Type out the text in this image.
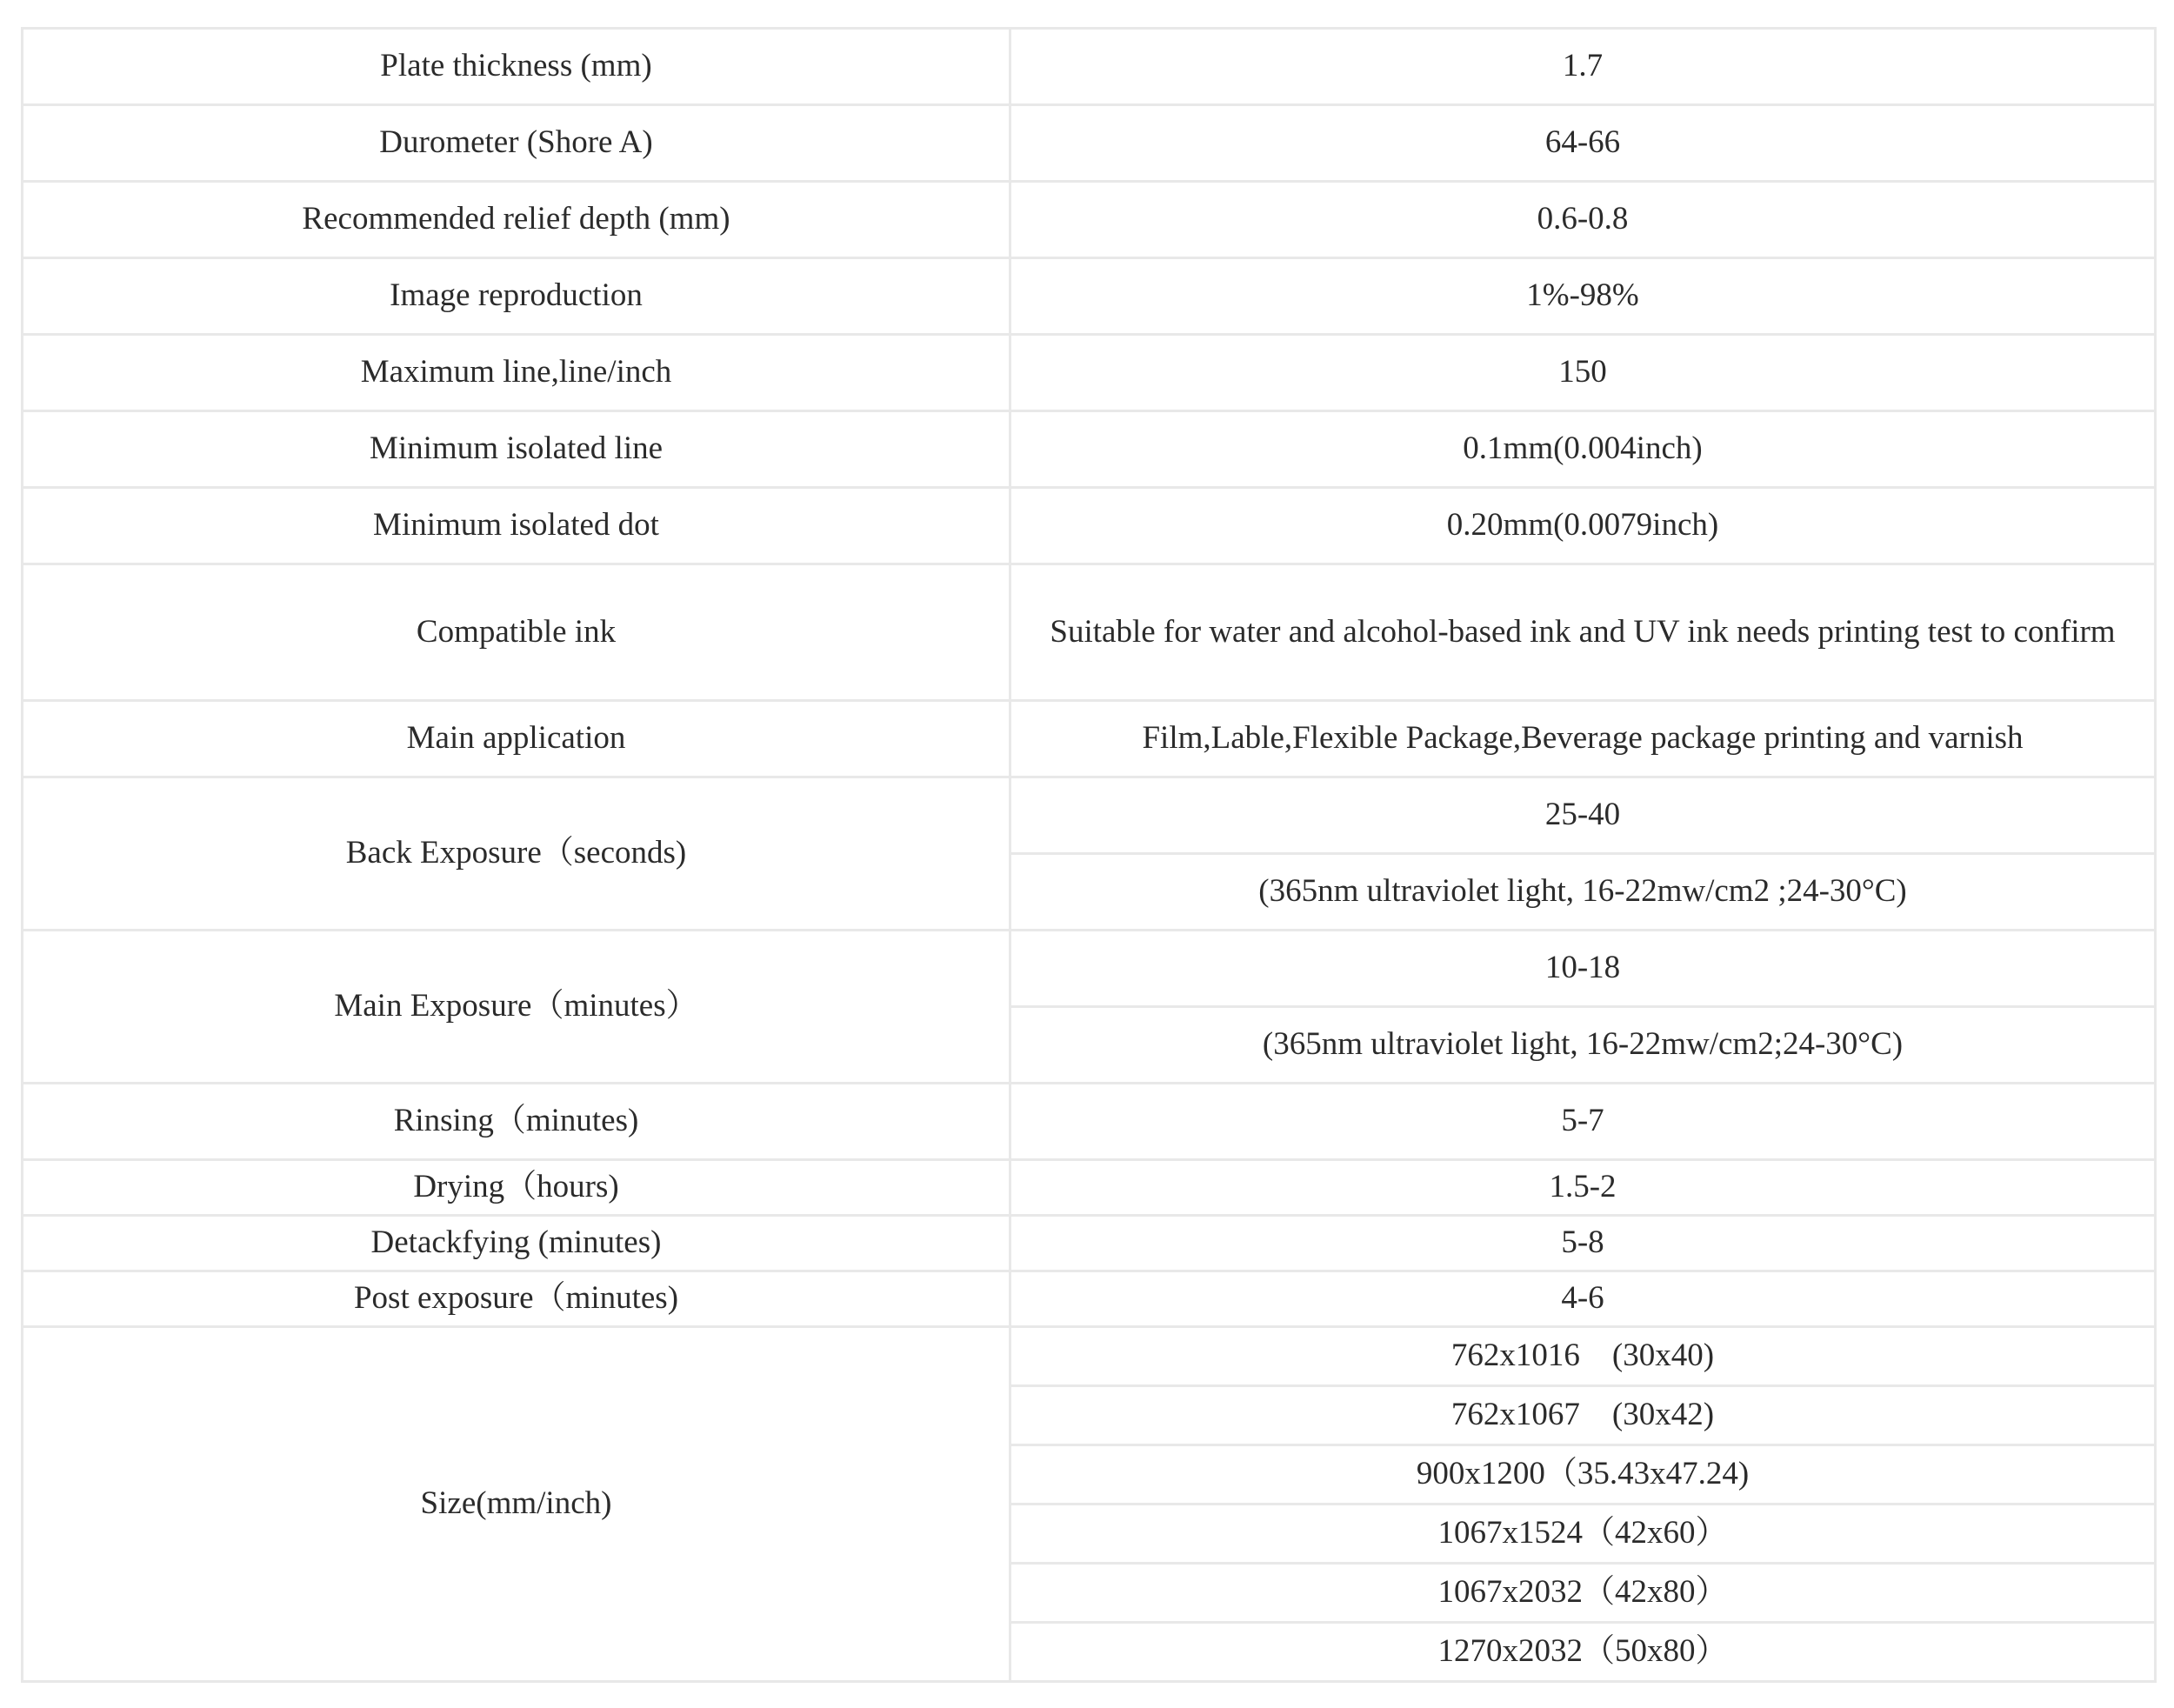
Plate thickness (mm)	1.7
Durometer (Shore A)	64-66
Recommended relief depth (mm)	0.6-0.8
Image reproduction	1%-98%
Maximum line,line/inch	150
Minimum isolated line	0.1mm(0.004inch)
Minimum isolated dot	0.20mm(0.0079inch)
Compatible ink	Suitable for water and alcohol-based ink and UV ink needs printing test to confirm
Main application	Film,Lable,Flexible Package,Beverage package printing and varnish
Back Exposure（seconds)	25-40
	(365nm ultraviolet light, 16-22mw/cm2 ;24-30°C)
Main Exposure（minutes）	10-18
	(365nm ultraviolet light, 16-22mw/cm2;24-30°C)
Rinsing（minutes)	5-7
Drying（hours)	1.5-2
Detackfying (minutes)	5-8
Post exposure（minutes)	4-6
Size(mm/inch)	762x1016　(30x40)
	762x1067　(30x42)
	900x1200（35.43x47.24)
	1067x1524（42x60）
	1067x2032（42x80）
	1270x2032（50x80）
